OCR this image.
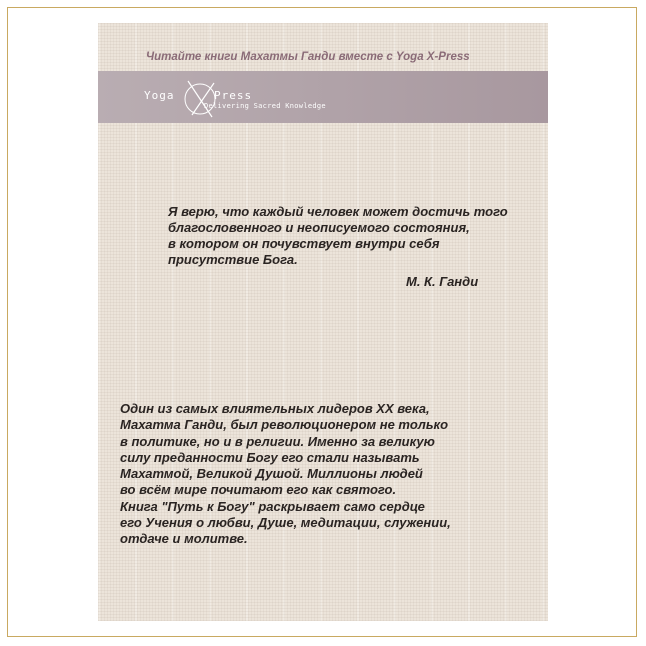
Читайте книги Махатмы Ганди вместе с Yoga X-Press
Yoga	Press
Delivering Sacred Knowledge
Я верю, что каждый человек может достичь того
благословенного и неописуемого состояния,
в котором он почувствует внутри себя
присутствие Бога.
М. К. Ганди
Один из самых влиятельных лидеров XX века,
Махатма Ганди, был революционером не только
в политике, но и в религии. Именно за великую
силу преданности Богу его стали называть
Махатмой, Великой Душой. Миллионы людей
во всём мире почитают его как святого.
Книга "Путь к Богу" раскрывает само сердце
его Учения о любви, Душе, медитации, служении,
отдаче и молитве.
